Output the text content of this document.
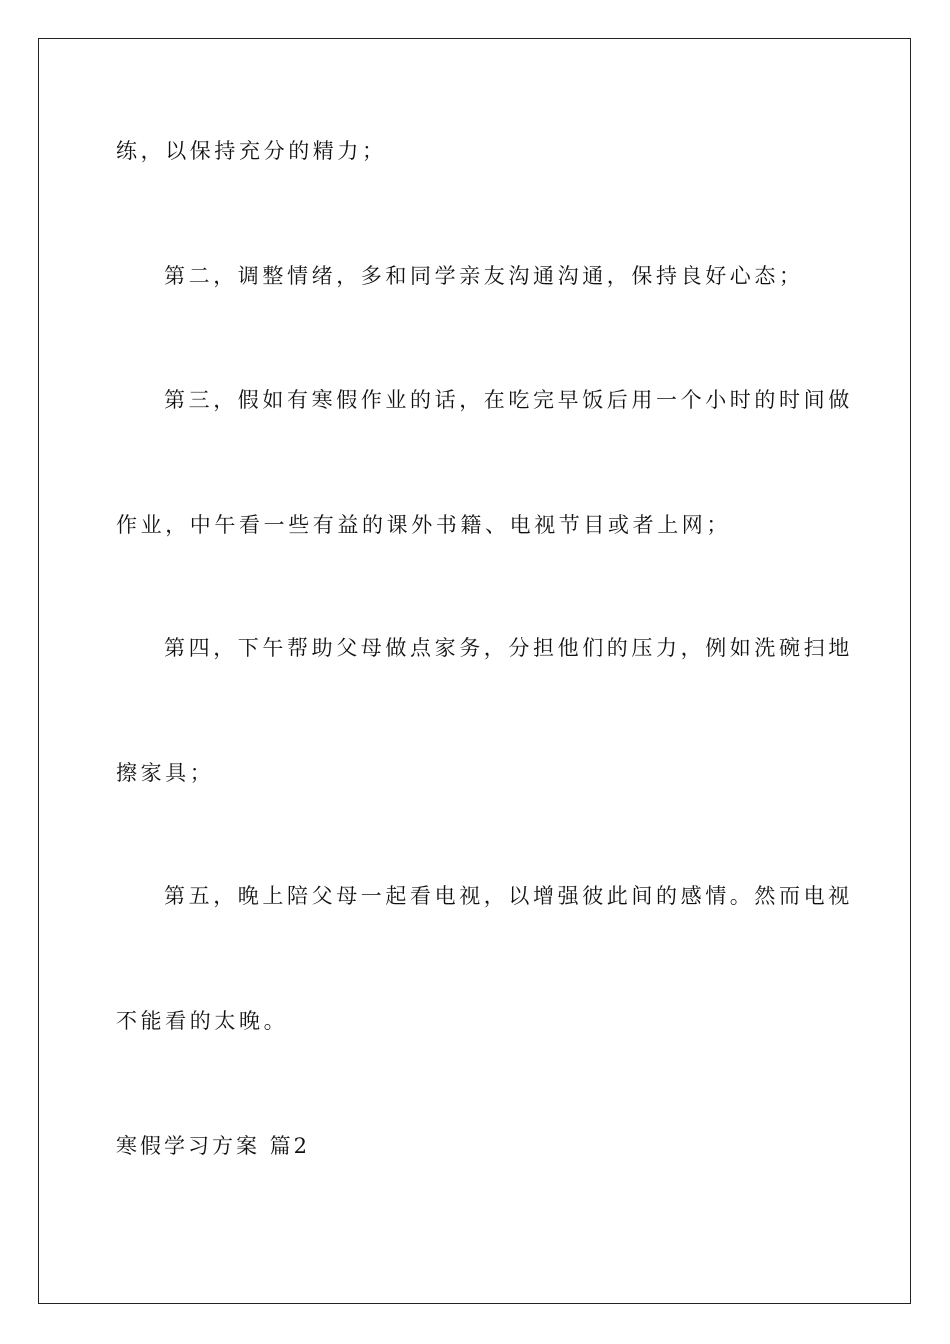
练，以保持充分的精力；
第二，调整情绪，多和同学亲友沟通沟通，保持良好心态；
第三，假如有寒假作业的话，在吃完早饭后用一个小时的时间做
作业，中午看一些有益的课外书籍、电视节目或者上网；
第四，下午帮助父母做点家务，分担他们的压力，例如洗碗扫地
擦家具；
第五，晚上陪父母一起看电视，以增强彼此间的感情。然而电视
不能看的太晚。
寒假学习方案 篇2
